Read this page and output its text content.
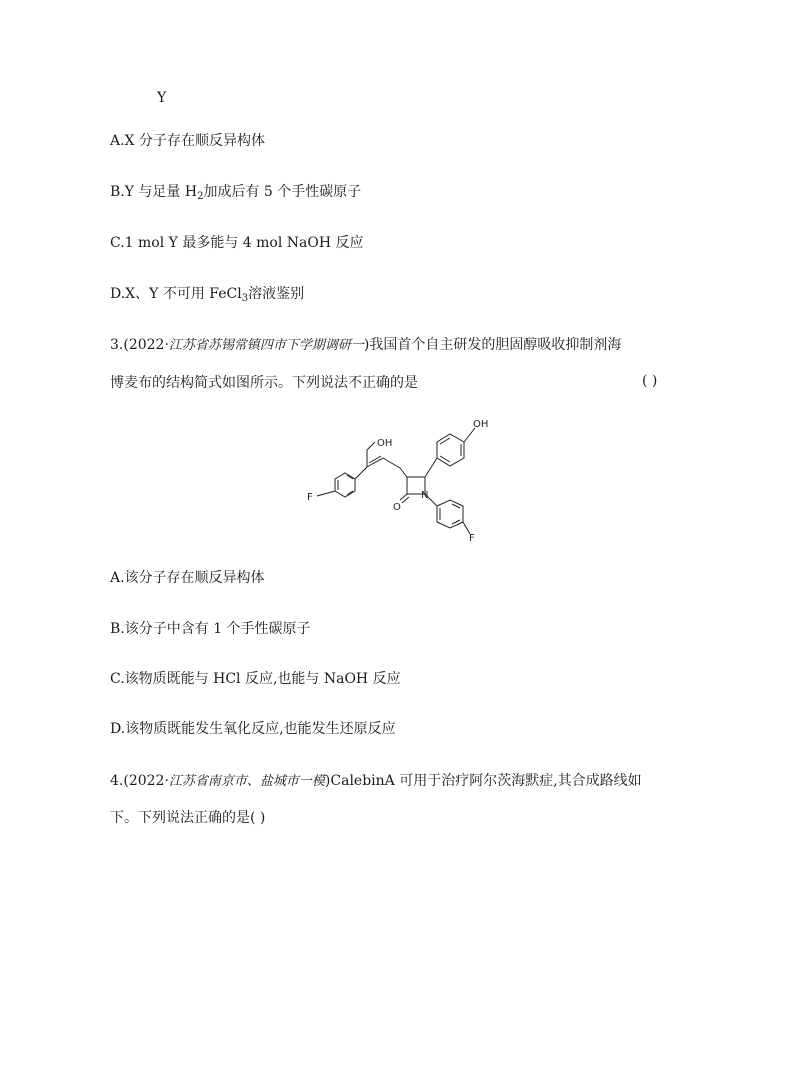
Y
A.X 分子存在顺反异构体
B.Y 与足量 $H_2$加成后有 5 个手性碳原子
C.1 mol Y 最多能与 4 mol NaOH 反应
D.X、Y 不可用 FeCl$_3$溶液鉴别
3.(2022·江苏省苏锡常镇四市下学期调研一)我国首个自主研发的胆固醇吸收抑制剂海
博麦布的结构简式如图所示。下列说法不正确的是	( )
OH
OH
F
F
N
O
A.该分子存在顺反异构体
B.该分子中含有 1 个手性碳原子
C.该物质既能与 HCl 反应,也能与 NaOH 反应
D.该物质既能发生氧化反应,也能发生还原反应
4.(2022·江苏省南京市、盐城市一模)CalebinA 可用于治疗阿尔茨海默症,其合成路线如
下。下列说法正确的是( )
